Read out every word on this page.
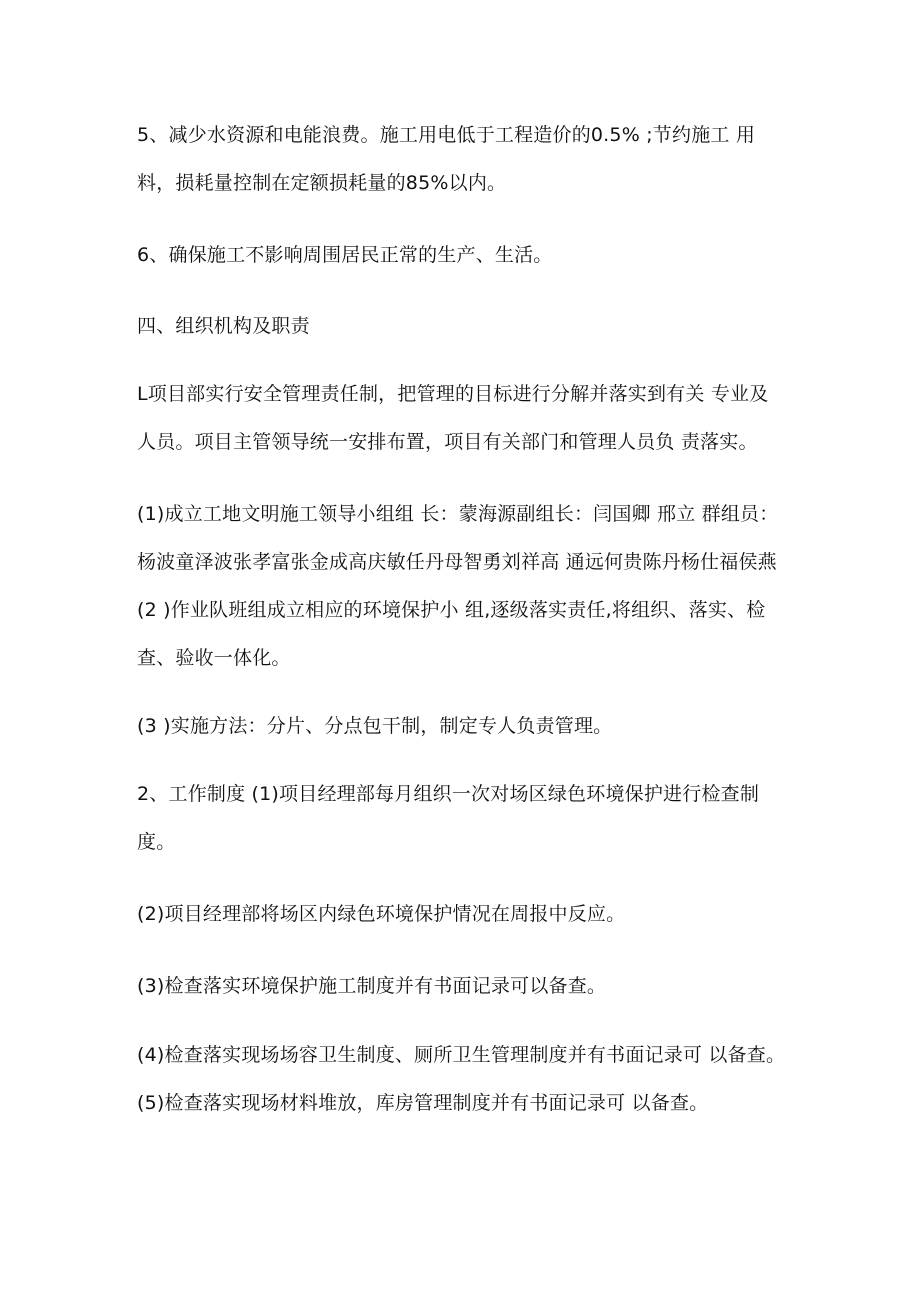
5、减少水资源和电能浪费。施工用电低于工程造价的0.5% ;节约施工 用料，损耗量控制在定额损耗量的85%以内。

6、确保施工不影响周围居民正常的生产、生活。

四、组织机构及职责

L项目部实行安全管理责任制，把管理的目标进行分解并落实到有关 专业及人员。项目主管领导统一安排布置，项目有关部门和管理人员负 责落实。

(1)成立工地文明施工领导小组组 长：蒙海源副组长：闫国卿 邢立 群组员：杨波童泽波张孝富张金成高庆敏任丹母智勇刘祥高 通远何贵陈丹杨仕福侯燕(2 )作业队班组成立相应的环境保护小 组,逐级落实责任,将组织、落实、检查、验收一体化。

(3 )实施方法：分片、分点包干制，制定专人负责管理。

2、工作制度 (1)项目经理部每月组织一次对场区绿色环境保护进行检查制度。

(2)项目经理部将场区内绿色环境保护情况在周报中反应。

(3)检查落实环境保护施工制度并有书面记录可以备查。

(4)检查落实现场场容卫生制度、厕所卫生管理制度并有书面记录可 以备查。(5)检查落实现场材料堆放，库房管理制度并有书面记录可 以备查。
